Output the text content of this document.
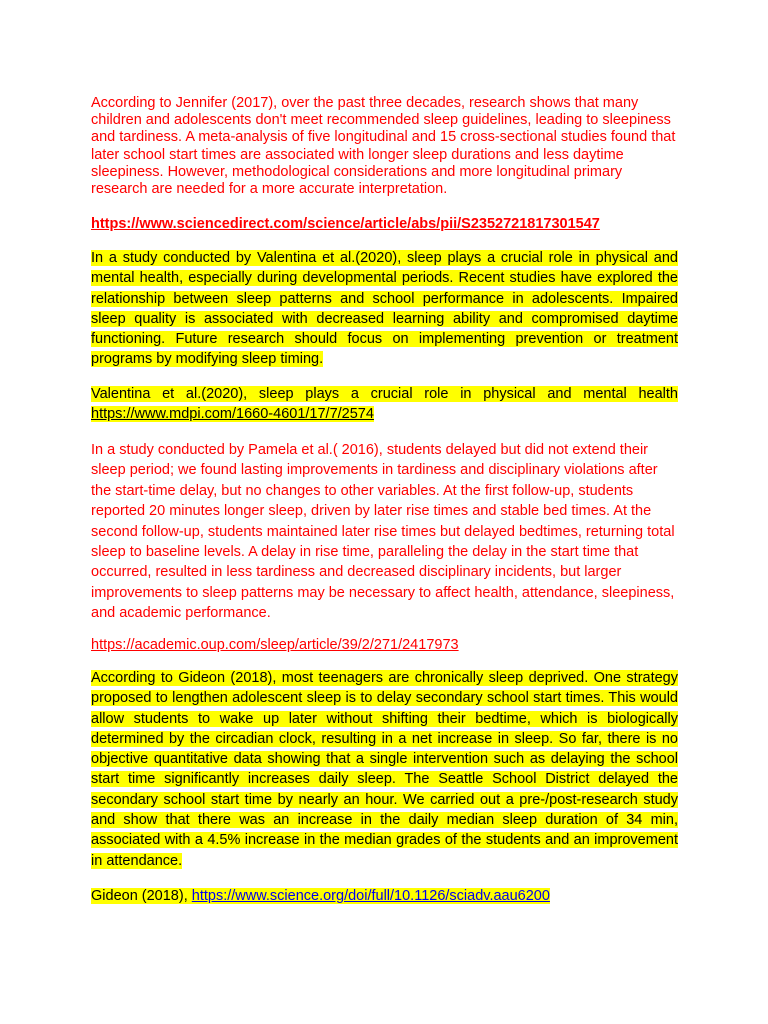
According to Jennifer (2017), over the past three decades, research shows that many children and adolescents don't meet recommended sleep guidelines, leading to sleepiness and tardiness. A meta-analysis of five longitudinal and 15 cross-sectional studies found that later school start times are associated with longer sleep durations and less daytime sleepiness. However, methodological considerations and more longitudinal primary research are needed for a more accurate interpretation.

https://www.sciencedirect.com/science/article/abs/pii/S2352721817301547

In a study conducted by Valentina et al.(2020), sleep plays a crucial role in physical and mental health, especially during developmental periods. Recent studies have explored the relationship between sleep patterns and school performance in adolescents. Impaired sleep quality is associated with decreased learning ability and compromised daytime functioning. Future research should focus on implementing prevention or treatment programs by modifying sleep timing.

Valentina et al.(2020), sleep plays a crucial role in physical and mental health https://www.mdpi.com/1660-4601/17/7/2574

In a study conducted by Pamela et al.( 2016), students delayed but did not extend their sleep period; we found lasting improvements in tardiness and disciplinary violations after the start-time delay, but no changes to other variables. At the first follow-up, students reported 20 minutes longer sleep, driven by later rise times and stable bed times. At the second follow-up, students maintained later rise times but delayed bedtimes, returning total sleep to baseline levels. A delay in rise time, paralleling the delay in the start time that occurred, resulted in less tardiness and decreased disciplinary incidents, but larger improvements to sleep patterns may be necessary to affect health, attendance, sleepiness, and academic performance.

https://academic.oup.com/sleep/article/39/2/271/2417973

According to Gideon (2018), most teenagers are chronically sleep deprived. One strategy proposed to lengthen adolescent sleep is to delay secondary school start times. This would allow students to wake up later without shifting their bedtime, which is biologically determined by the circadian clock, resulting in a net increase in sleep. So far, there is no objective quantitative data showing that a single intervention such as delaying the school start time significantly increases daily sleep. The Seattle School District delayed the secondary school start time by nearly an hour. We carried out a pre-/post-research study and show that there was an increase in the daily median sleep duration of 34 min, associated with a 4.5% increase in the median grades of the students and an improvement in attendance.

Gideon (2018), https://www.science.org/doi/full/10.1126/sciadv.aau6200
